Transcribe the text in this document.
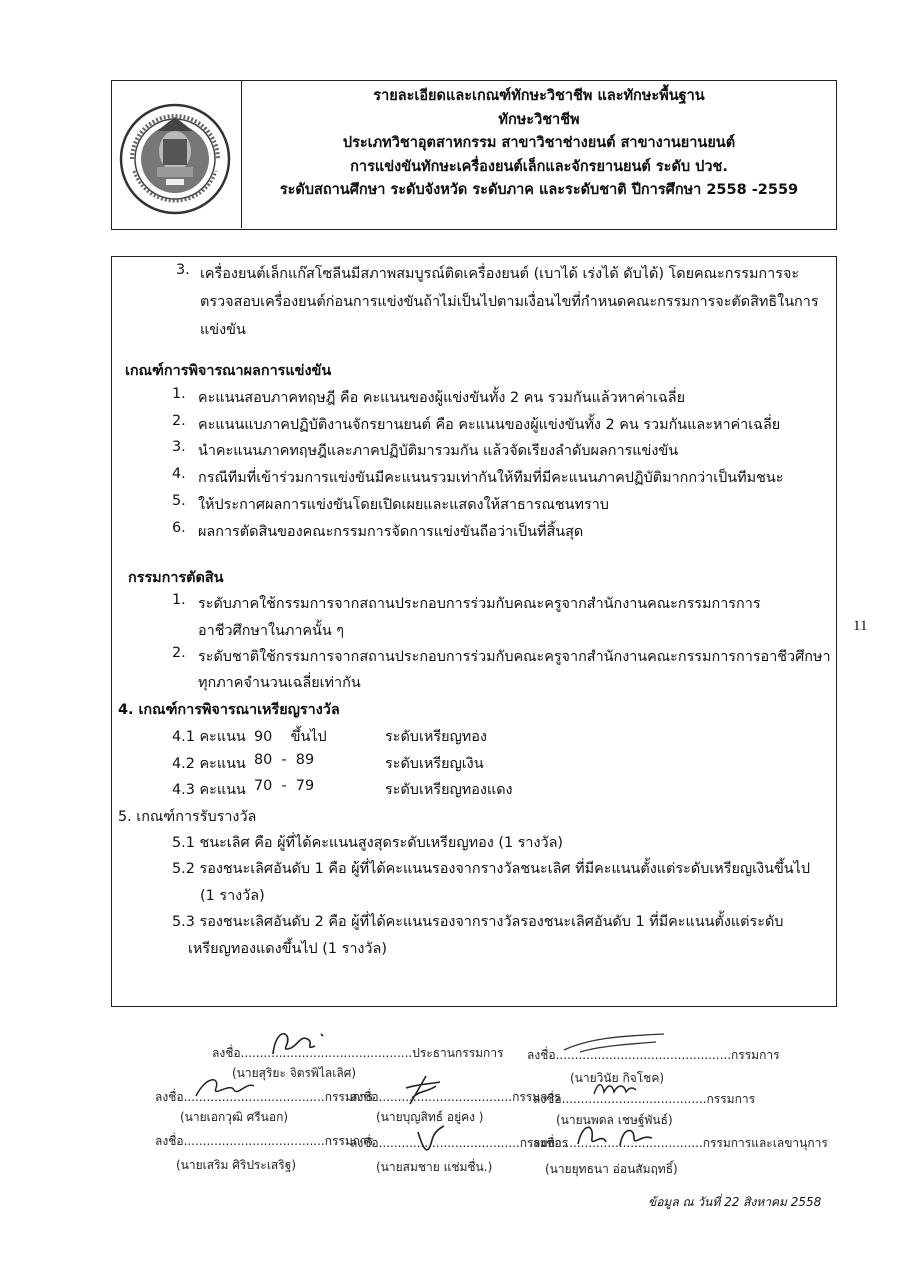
รายละเอียดและเกณฑ์ทักษะวิชาชีพ และทักษะพื้นฐาน
ทักษะวิชาชีพ
ประเภทวิชาอุตสาหกรรม สาขาวิชาช่างยนต์ สาขางานยานยนต์
การแข่งขันทักษะเครื่องยนต์เล็กและจักรยานยนต์ ระดับ ปวช.
ระดับสถานศึกษา ระดับจังหวัด ระดับภาค และระดับชาติ ปีการศึกษา 2558 -2559
3. เครื่องยนต์เล็กแก๊สโซลีนมีสภาพสมบูรณ์ติดเครื่องยนต์ (เบาได้ เร่งได้ ดับได้) โดยคณะกรรมการจะ
ตรวจสอบเครื่องยนต์ก่อนการแข่งขันถ้าไม่เป็นไปตามเงื่อนไขที่กำหนดคณะกรรมการจะตัดสิทธิในการ
แข่งขัน
เกณฑ์การพิจารณาผลการแข่งขัน
1. คะแนนสอบภาคทฤษฎี คือ คะแนนของผู้แข่งขันทั้ง 2 คน รวมกันแล้วหาค่าเฉลี่ย
2. คะแนนแบภาคปฏิบัติงานจักรยานยนต์ คือ คะแนนของผู้แข่งขันทั้ง 2 คน รวมกันและหาค่าเฉลี่ย
3. นำคะแนนภาคทฤษฎีและภาคปฏิบัติมารวมกัน แล้วจัดเรียงลำดับผลการแข่งขัน
4. กรณีทีมที่เข้าร่วมการแข่งขันมีคะแนนรวมเท่ากันให้ทีมที่มีคะแนนภาคปฏิบัติมากกว่าเป็นทีมชนะ
5. ให้ประกาศผลการแข่งขันโดยเปิดเผยและแสดงให้สาธารณชนทราบ
6. ผลการตัดสินของคณะกรรมการจัดการแข่งขันถือว่าเป็นที่สิ้นสุด
กรรมการตัดสิน
1. ระดับภาคใช้กรรมการจากสถานประกอบการร่วมกับคณะครูจากสำนักงานคณะกรรมการการ
อาชีวศึกษาในภาคนั้น ๆ
2. ระดับชาติใช้กรรมการจากสถานประกอบการร่วมกับคณะครูจากสำนักงานคณะกรรมการการอาชีวศึกษา
ทุกภาคจำนวนเฉลี่ยเท่ากัน
11
4. เกณฑ์การพิจารณาเหรียญรางวัล
4.1 คะแนน 90    ขึ้นไป	ระดับเหรียญทอง
4.2 คะแนน 80  -  89	ระดับเหรียญเงิน
4.3 คะแนน 70  -  79	ระดับเหรียญทองแดง
5. เกณฑ์การรับรางวัล
5.1 ชนะเลิศ คือ ผู้ที่ได้คะแนนสูงสุดระดับเหรียญทอง (1 รางวัล)
5.2 รองชนะเลิศอันดับ 1 คือ ผู้ที่ได้คะแนนรองจากรางวัลชนะเลิศ ที่มีคะแนนตั้งแต่ระดับเหรียญเงินขึ้นไป
(1 รางวัล)
5.3 รองชนะเลิศอันดับ 2 คือ ผู้ที่ได้คะแนนรองจากรางวัลรองชนะเลิศอันดับ 1 ที่มีคะแนนตั้งแต่ระดับ
เหรียญทองแดงขึ้นไป (1 รางวัล)
ลงชื่อ.............................................ประธานกรรมการ
(นายสุริยะ จิตรพิไลเลิศ)
ลงชื่อ..............................................กรรมการ
(นายวินัย กิจโชค)
ลงชื่อ.....................................กรรมการ
(นายเอกวุฒิ ศรีนอก)
ลงชื่อ...................................กรรมการ
(นายบุญสิทธ์ อยู่คง )
ลงชื่อ......................................กรรมการ
(นายนพดล เชษฐ์พันธ์)
ลงชื่อ.....................................กรรมการ
(นายเสริม ศิริประเสริฐ)
ลงชื่อ.....................................กรรมการ
(นายสมชาย แช่มชื่น.)
ลงชื่อ.....................................กรรมการและเลขานุการ
(นายยุทธนา อ่อนสัมฤทธิ์)
ข้อมูล ณ วันที่ 22 สิงหาคม 2558
